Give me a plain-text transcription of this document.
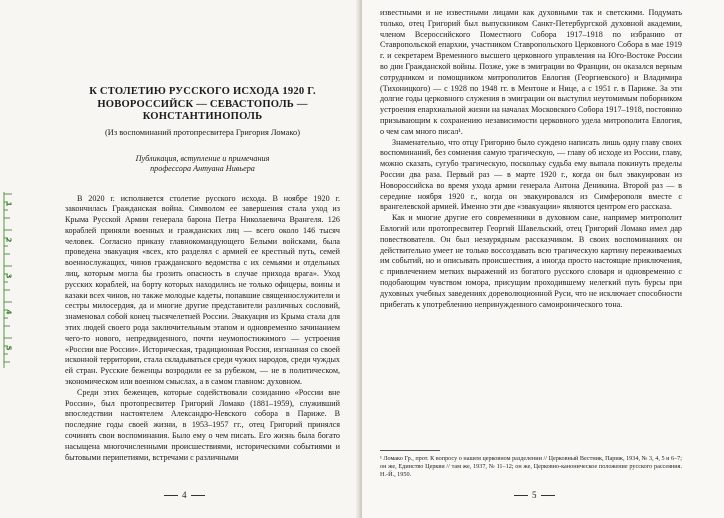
1
2
3
4
5
К СТОЛЕТИЮ РУССКОГО ИСХОДА 1920 Г. НОВОРОССИЙСК — СЕВАСТОПОЛЬ — КОНСТАНТИНОПОЛЬ

(Из воспоминаний протопресвитера Григория Ломако)

Публикация, вступление и примечания
профессора Антуана Нивьера

В 2020 г. исполняется столетие русского исхода. В ноябре 1920 г. закончилась Гражданская война. Символом ее завершения стала уход из Крыма Русской Армии генерала барона Петра Николаевича Врангеля. 126 кораблей приняли военных и гражданских лиц — всего около 146 тысяч человек. Согласно приказу главнокомандующего Белыми войсками, была проведена эвакуация «всех, кто разделял с армией ее крестный путь, семей военнослужащих, чинов гражданского ведомства с их семьями и отдельных лиц, которым могла бы грозить опасность в случае прихода врага». Уход русских кораблей, на борту которых находились не только офицеры, воины и казаки всех чинов, но также молодые кадеты, попавшие священнослужители и сестры милосердия, да и многие другие представители различных сословий, знаменовал собой конец тысячелетней России. Эвакуация из Крыма стала для этих людей своего рода заключительным этапом и одновременно зачинанием чего-то нового, непредвиденного, почти неумопостижимого — устроения «России вне России». Историческая, традиционная Россия, изгнанная со своей исконной территории, стала складываться среди чужих народов, среди чуждых ей стран. Русские беженцы возродили ее за рубежом, — не в политическом, экономическом или военном смыслах, а в самом главном: духовном.

Среди этих беженцев, которые содействовали созиданию «России вне России», был протопресвитер Григорий Ломако (1881–1959), служивший впоследствии настоятелем Александро-Невского собора в Париже. В последние годы своей жизни, в 1953–1957 гг., отец Григорий принялся сочинять свои воспоминания. Было ему о чем писать. Его жизнь была богато насыщена многочисленными происшествиями, историческими событиями и бытовыми перипетиями, встречами с различными

4

известными и не известными лицами как духовными так и светскими. Подумать только, отец Григорий был выпускником Санкт-Петербургской духовной академии, членом Всероссийского Поместного Собора 1917–1918 по избранию от Ставропольской епархии, участником Ставропольского Церковного Собора в мае 1919 г. и секретарем Временного высшего церковного управления на Юго-Востоке России во дни Гражданской войны. Позже, уже в эмиграции во Франции, он оказался верным сотрудником и помощником митрополитов Евлогия (Георгиевского) и Владимира (Тихоницкого) — с 1928 по 1948 гг. в Ментоне и Нице, а с 1951 г. в Париже. За эти долгие годы церковного служения в эмиграции он выступил неутомимым поборником устроения епархиальной жизни на началах Московского Собора 1917–1918, постоянно призывающим к сохранению независимости церковного удела митрополита Евлогия, о чем сам много писал¹.

Знаменательно, что отцу Григорию было суждено написать лишь одну главу своих воспоминаний, без сомнения самую трагическую, — главу об исходе из России, главу, можно сказать, сугубо трагическую, поскольку судьба ему выпала покинуть пределы России два раза. Первый раз — в марте 1920 г., когда он был эвакуирован из Новороссийска во время ухода армии генерала Антона Деникина. Второй раз — в середине ноября 1920 г., когда он эвакуировался из Симферополя вместе с врангелевской армией. Именно эти две «эвакуации» являются центром его рассказа.

Как и многие другие его современники в духовном сане, например митрополит Евлогий или протопресвитер Георгий Шавельский, отец Григорий Ломако имел дар повествователя. Он был незаурядным рассказчиком. В своих воспоминаниях он действительно умеет не только воссоздавать всю трагическую картину переживаемых им событий, но и описывать происшествия, а иногда просто настоящие приключения, с привлечением метких выражений из богатого русского словаря и одновременно с подобающим чувством юмора, присущим проходившему нелегкий путь бурсы при духовных учебных заведениях дореволюционной Руси, что не исключает способности прибегать к употреблению непринужденного самоиронического тона.

¹ Ломако Гр., прот. К вопросу о нашем церковном разделении // Церковный Вестник, Париж, 1934, № 3, 4, 5 и 6–7; он же, Единство Церкви // там же, 1937, № 11–12; он же, Церковно-каноническое положение русского рассеяния. Н.-Й., 1950.

5
